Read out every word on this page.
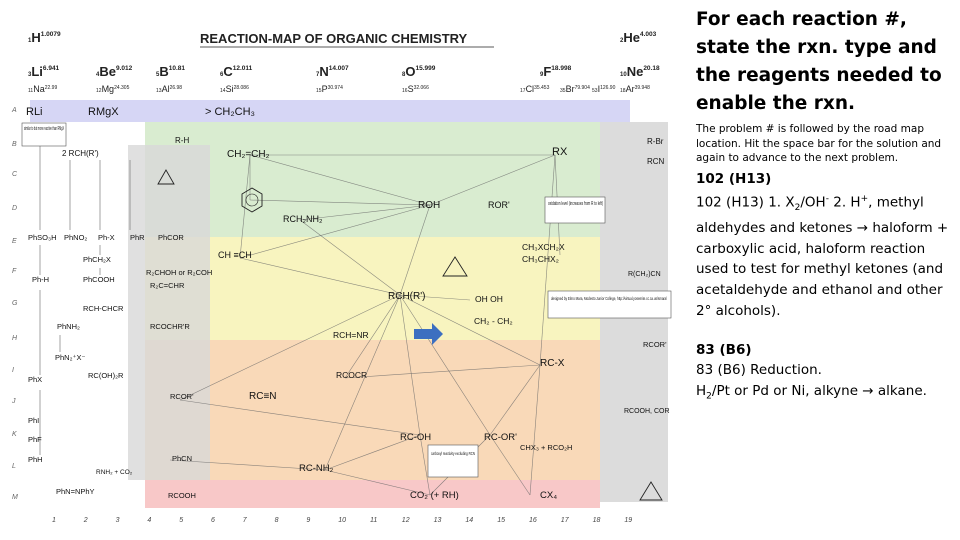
REACTION-MAP OF ORGANIC CHEMISTRY
$1H^{1.0079}$
$2He^{4.003}$
$3Li^{6.941}$
$4Be^{9.012}$
$5B^{10.81}$
$6C^{12.011}$
$7N^{14.007}$
$8O^{15.999}$
$9F^{18.998}$
$10Ne^{20.18}$
$11Na^{22.99}$	$12Mg^{24.305}$	$13Al^{26.98}$	$14Si^{28.086}$	$15P^{30.974}$	$16S^{32.066}$	$17Cl^{35.453}$ $35Br^{79.904}$ $53I^{126.90}$ $18Ar^{39.948}$
A
B
C
D
E
F
G
H
I
J
K
L
M
1	2	3	4	5	6	7	8	9	10	11	12	13	14	15	16	17	18	19
RLi	RMgX	> CH₂CH₃
similar to but more reactive than RMgX
R-H
2 RCH(R')	CH₂=CH₂	RX
R-Br
RCN
ROH	ROR'	oxidation level (increases from R to left)
RCH₂NH₂
CH ≡CH
CH₃XCH₂X
CH₃CHX₂
R(CH₂)CN
PhSO₃H PhNO₂ Ph-X PhR PhCOR
PhCH₂X
PhCOOH
Ph-H
R₂CHOH or R₂COH
R₂C=CHR
RCH-CHCR
RCOCHR'R
RCH(R')	OH OH
CH₂ - CH₂
designed by Elmo Mara, Modesto Junior College, http://virtual.yosemite.cc.ca.us/smara/
PhNH₂
PhN₂⁺X⁻
RCH=NR
RCOCR
RC-X
RCOR'
PhX	RC(OH)₂R
RCOR'	RC≡N
RCOOH, COR
PhI
PhF
PhH
RC-OH	RC-OR'
CHX₃ + RCO₂H
carboxyl reactivity excluding RCN
PhCN
RC-NH₂
RNH₂ + CO₂
RCOOH	CO₂ (+ RH)	CX₄
PhN=NPhY
For each reaction #, state the rxn. type and the reagents needed to enable the rxn.
The problem # is followed by the road map location. Hit the space bar for the solution and again to advance to the next problem.
102 (H13)
102 (H13) 1. $X_2/OH^-$ 2. H+, methyl aldehydes and ketones → haloform + carboxylic acid, haloform reaction used to test for methyl ketones (and acetaldehyde and ethanol and other 2° alcohols).
83 (B6)
83 (B6) Reduction.
$H_2/Pt$ or Pd or Ni, alkyne → alkane.
